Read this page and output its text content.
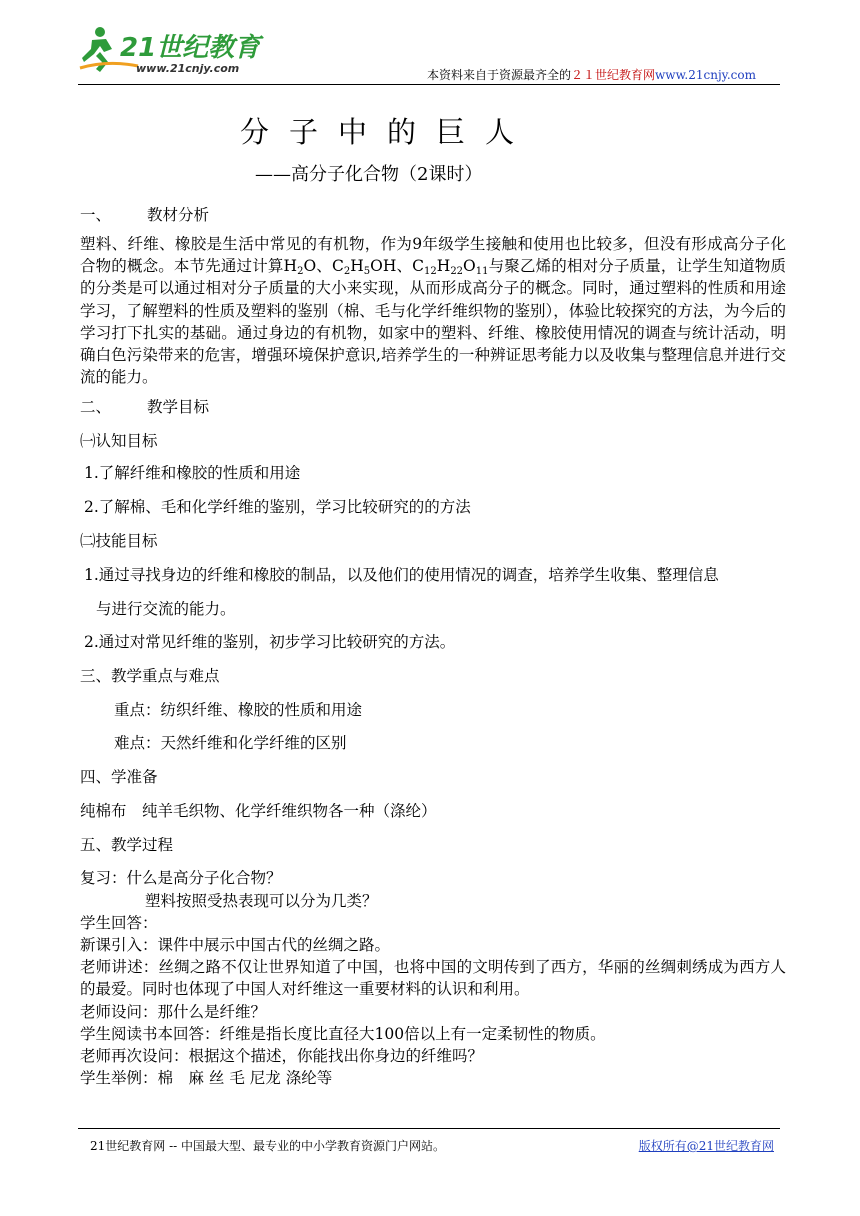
21世纪教育
www.21cnjy.com	本资料来自于资源最齐全的２１世纪教育网www.21cnjy.com
分子中的巨人
——高分子化合物（2课时）
一、 教材分析
塑料、纤维、橡胶是生活中常见的有机物，作为9年级学生接触和使用也比较多，但没有形成高分子化合物的概念。本节先通过计算$H_2O$、$C_2H_5OH$、$C_{12}H_{22}O_{11}$与聚乙烯的相对分子质量，让学生知道物质的分类是可以通过相对分子质量的大小来实现，从而形成高分子的概念。同时，通过塑料的性质和用途学习，了解塑料的性质及塑料的鉴别（棉、毛与化学纤维织物的鉴别），体验比较探究的方法，为今后的学习打下扎实的基础。通过身边的有机物，如家中的塑料、纤维、橡胶使用情况的调查与统计活动，明确白色污染带来的危害，增强环境保护意识,培养学生的一种辨证思考能力以及收集与整理信息并进行交流的能力。
二、 教学目标
㈠认知目标
1.了解纤维和橡胶的性质和用途
2.了解棉、毛和化学纤维的鉴别，学习比较研究的的方法
㈡技能目标
1.通过寻找身边的纤维和橡胶的制品，以及他们的使用情况的调查，培养学生收集、整理信息
与进行交流的能力。
2.通过对常见纤维的鉴别，初步学习比较研究的方法。
三、教学重点与难点
重点：纺织纤维、橡胶的性质和用途
难点：天然纤维和化学纤维的区别
四、学准备
纯棉布　纯羊毛织物、化学纤维织物各一种（涤纶）
五、教学过程
复习：什么是高分子化合物？
塑料按照受热表现可以分为几类？
学生回答：
新课引入：课件中展示中国古代的丝绸之路。
老师讲述：丝绸之路不仅让世界知道了中国，也将中国的文明传到了西方，华丽的丝绸刺绣成为西方人的最爱。同时也体现了中国人对纤维这一重要材料的认识和利用。
老师设问：那什么是纤维？
学生阅读书本回答：纤维是指长度比直径大100倍以上有一定柔韧性的物质。
老师再次设问：根据这个描述，你能找出你身边的纤维吗？
学生举例：棉　麻 丝 毛 尼龙 涤纶等
21世纪教育网 -- 中国最大型、最专业的中小学教育资源门户网站。	版权所有@21世纪教育网
